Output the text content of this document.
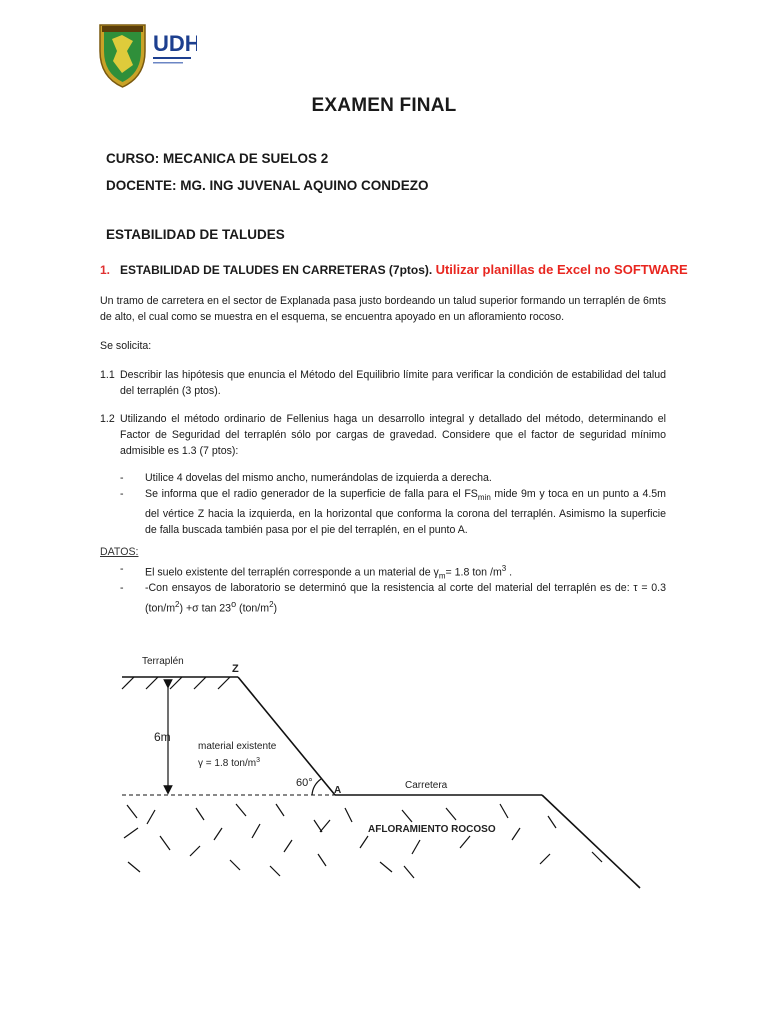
UDH
EXAMEN FINAL
CURSO: MECANICA DE SUELOS 2
DOCENTE: MG. ING JUVENAL AQUINO CONDEZO
ESTABILIDAD DE TALUDES
1. ESTABILIDAD DE TALUDES EN CARRETERAS (7ptos). Utilizar planillas de Excel no SOFTWARE
Un tramo de carretera en el sector de Explanada pasa justo bordeando un talud superior formando un terraplén de 6mts de alto, el cual como se muestra en el esquema, se encuentra apoyado en un afloramiento rocoso.
Se solicita:
1.1 Describir las hipótesis que enuncia el Método del Equilibrio límite para verificar la condición de estabilidad del talud del terraplén (3 ptos).
1.2 Utilizando el método ordinario de Fellenius haga un desarrollo integral y detallado del método, determinando el Factor de Seguridad del terraplén sólo por cargas de gravedad. Considere que el factor de seguridad mínimo admisible es 1.3 (7 ptos):
- Utilice 4 dovelas del mismo ancho, numerándolas de izquierda a derecha.
- Se informa que el radio generador de la superficie de falla para el $FS_{min}$ mide 9m y toca en un punto a 4.5m del vértice Z hacia la izquierda, en la horizontal que conforma la corona del terraplén. Asimismo la superficie de falla buscada también pasa por el pie del terraplén, en el punto A.
DATOS:
- El suelo existente del terraplén corresponde a un material de $\gamma_m= 1.8$ ton $/m^3$ .
- -Con ensayos de laboratorio se determinó que la resistencia al corte del material del terraplén es de: τ = 0.3 $(ton/m^2) +\sigma$ tan 23$^o$ $(ton/m^2)$
Terraplén
Z
6m
material existente
γ = 1.8 ton/$m^3$
60°
A	Carretera
AFLORAMIENTO ROCOSO
